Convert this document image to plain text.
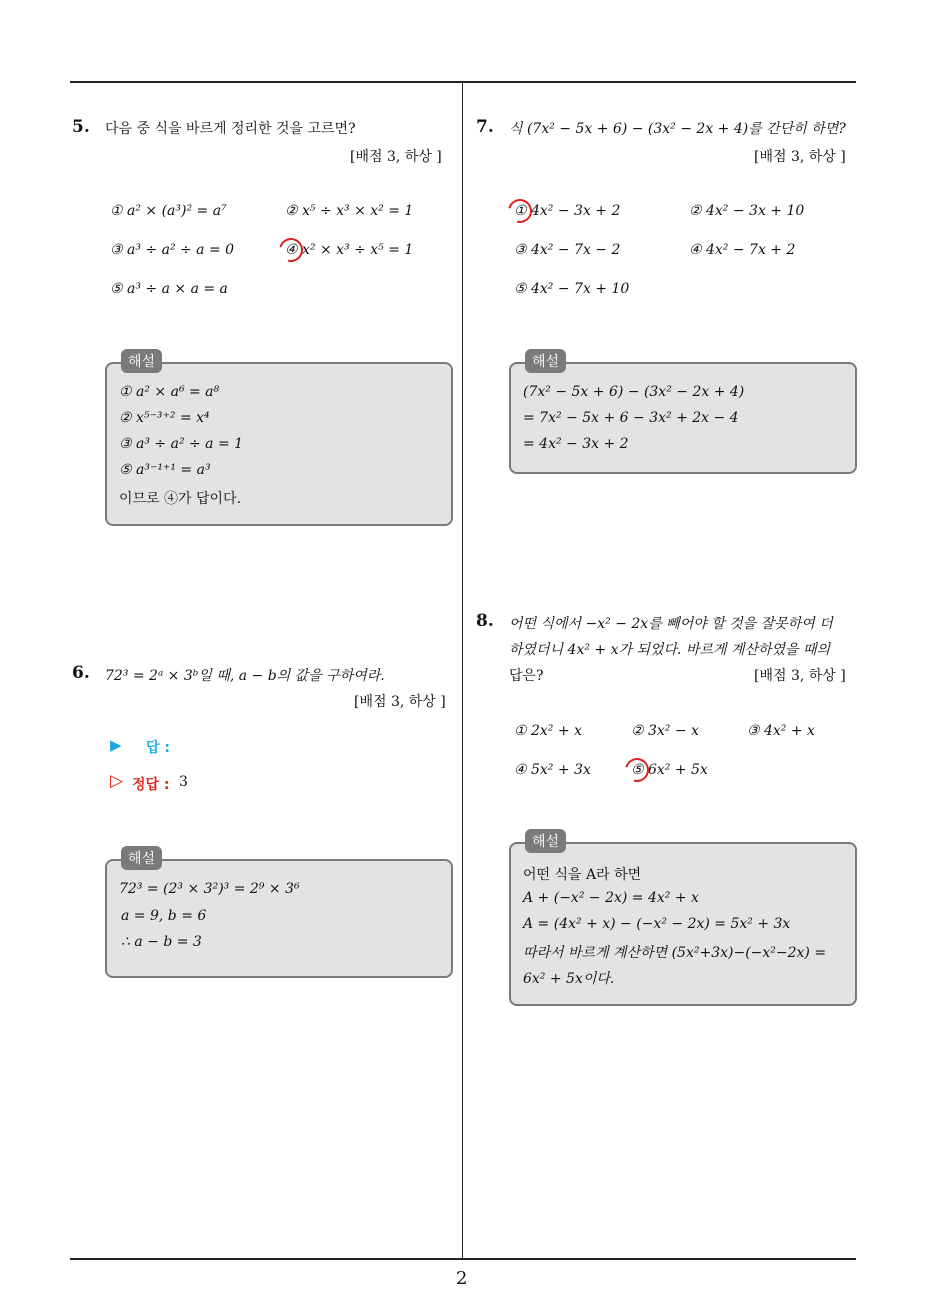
2
5. 다음 중 식을 바르게 정리한 것을 고르면?
[배점 3, 하상 ]
① a² × (a³)² = a⁷	② x⁵ ÷ x³ × x² = 1
③ a³ ÷ a² ÷ a = 0	④ x² × x³ ÷ x⁵ = 1
⑤ a³ ÷ a × a = a
① a² × a⁶ = a⁸
② x⁵⁻³⁺² = x⁴
③ a³ ÷ a² ÷ a = 1
⑤ a³⁻¹⁺¹ = a³
이므로 ④가 답이다.
해설
6. 72³ = 2ᵃ × 3ᵇ일 때, a − b의 값을 구하여라.
[배점 3, 하상 ]
▶ 답 :
▷ 정답 : 3
72³ = (2³ × 3²)³ = 2⁹ × 3⁶
a = 9, b = 6
∴ a − b = 3
해설
7. 식 (7x² − 5x + 6) − (3x² − 2x + 4)를 간단히 하면?
[배점 3, 하상 ]
① 4x² − 3x + 2	② 4x² − 3x + 10
③ 4x² − 7x − 2	④ 4x² − 7x + 2
⑤ 4x² − 7x + 10
(7x² − 5x + 6) − (3x² − 2x + 4)
= 7x² − 5x + 6 − 3x² + 2x − 4
= 4x² − 3x + 2
해설
8. 어떤 식에서 −x² − 2x를 빼어야 할 것을 잘못하여 더
하였더니 4x² + x가 되었다. 바르게 계산하였을 때의
답은?	[배점 3, 하상 ]
① 2x² + x	② 3x² − x	③ 4x² + x
④ 5x² + 3x	⑤ 6x² + 5x
어떤 식을 A라 하면
A + (−x² − 2x) = 4x² + x
A = (4x² + x) − (−x² − 2x) = 5x² + 3x
따라서 바르게 계산하면 (5x²+3x)−(−x²−2x) =
6x² + 5x이다.
해설
